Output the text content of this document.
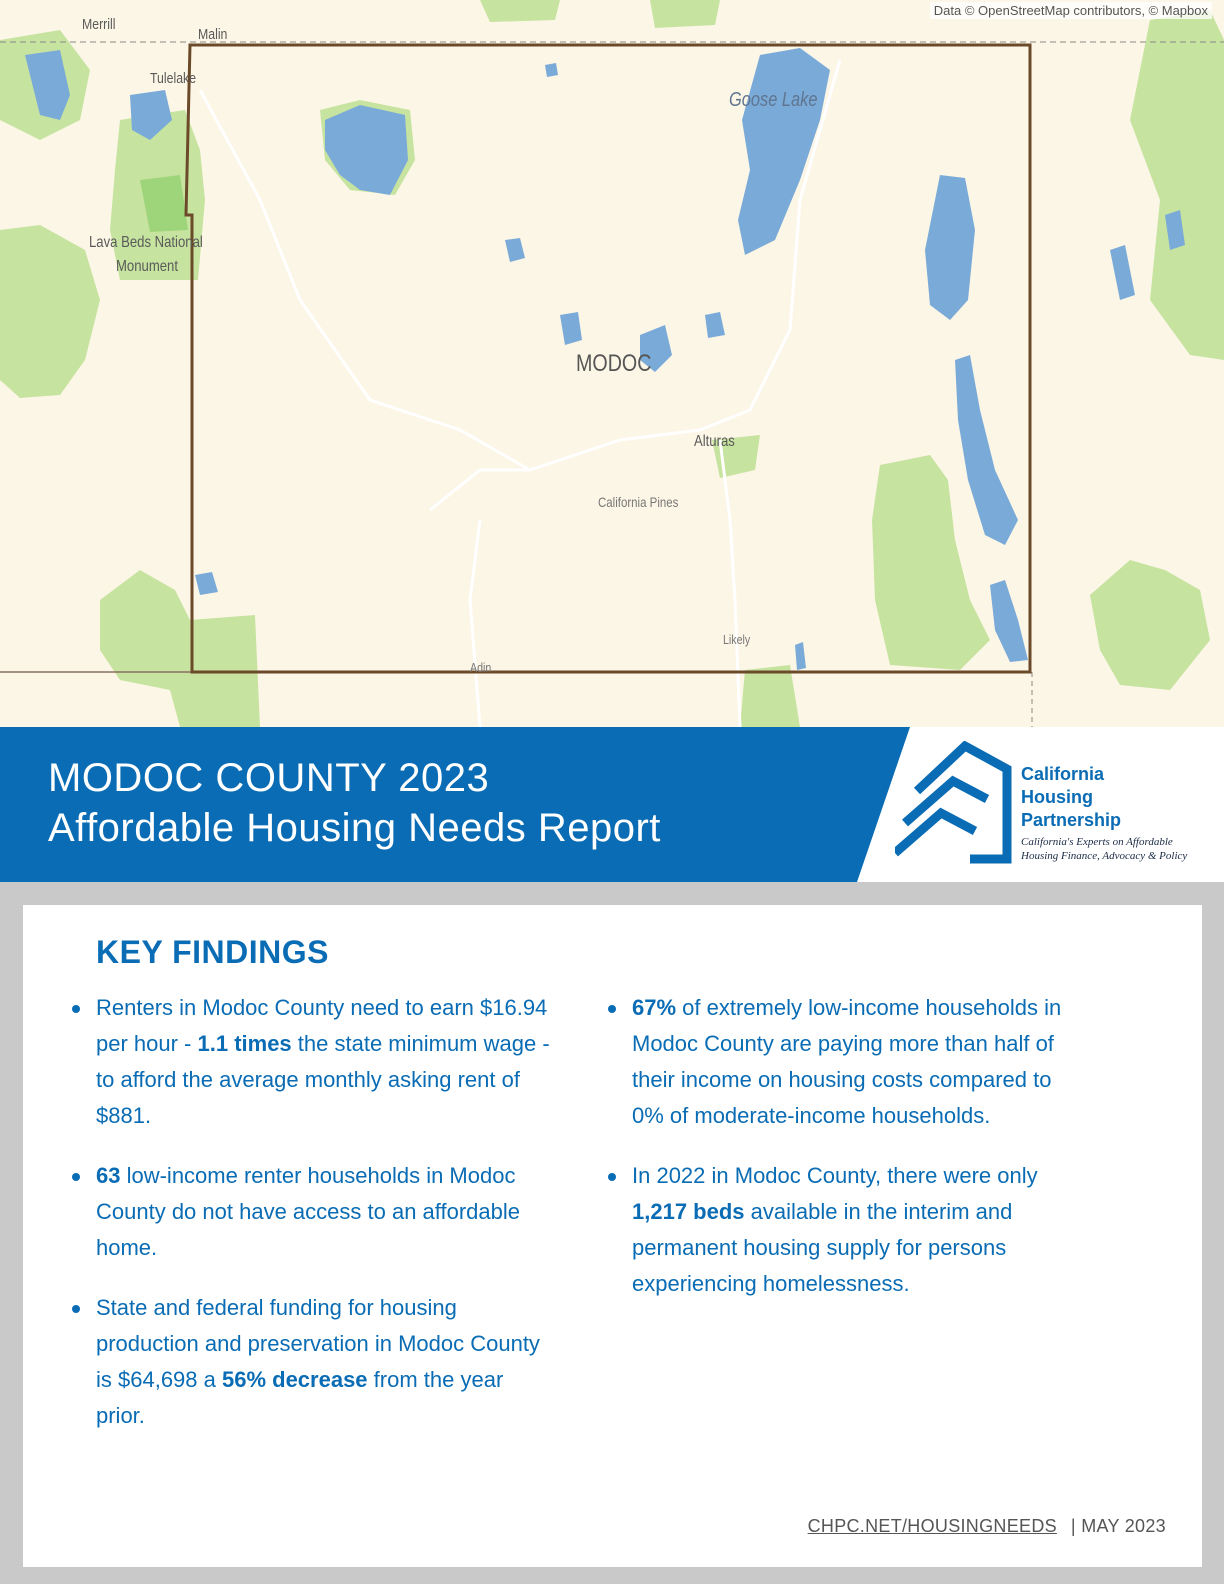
Data © OpenStreetMap contributors, © Mapbox
Merrill
Malin
Tulelake
Lava Beds National
Monument
Goose Lake
MODOC
Alturas
California Pines
Likely
Adin
MODOC COUNTY 2023
Affordable Housing Needs Report
California
Housing
Partnership
California's Experts on Affordable
Housing Finance, Advocacy & Policy
KEY FINDINGS
Renters in Modoc County need to earn $16.94 per hour - 1.1 times the state minimum wage - to afford the average monthly asking rent of $881.
63 low-income renter households in Modoc County do not have access to an affordable home.
State and federal funding for housing production and preservation in Modoc County is $64,698 a 56% decrease from the year prior.
67% of extremely low-income households in Modoc County are paying more than half of their income on housing costs compared to 0% of moderate-income households.
In 2022 in Modoc County, there were only 1,217 beds available in the interim and permanent housing supply for persons experiencing homelessness.
CHPC.NET/HOUSINGNEEDS | MAY 2023
